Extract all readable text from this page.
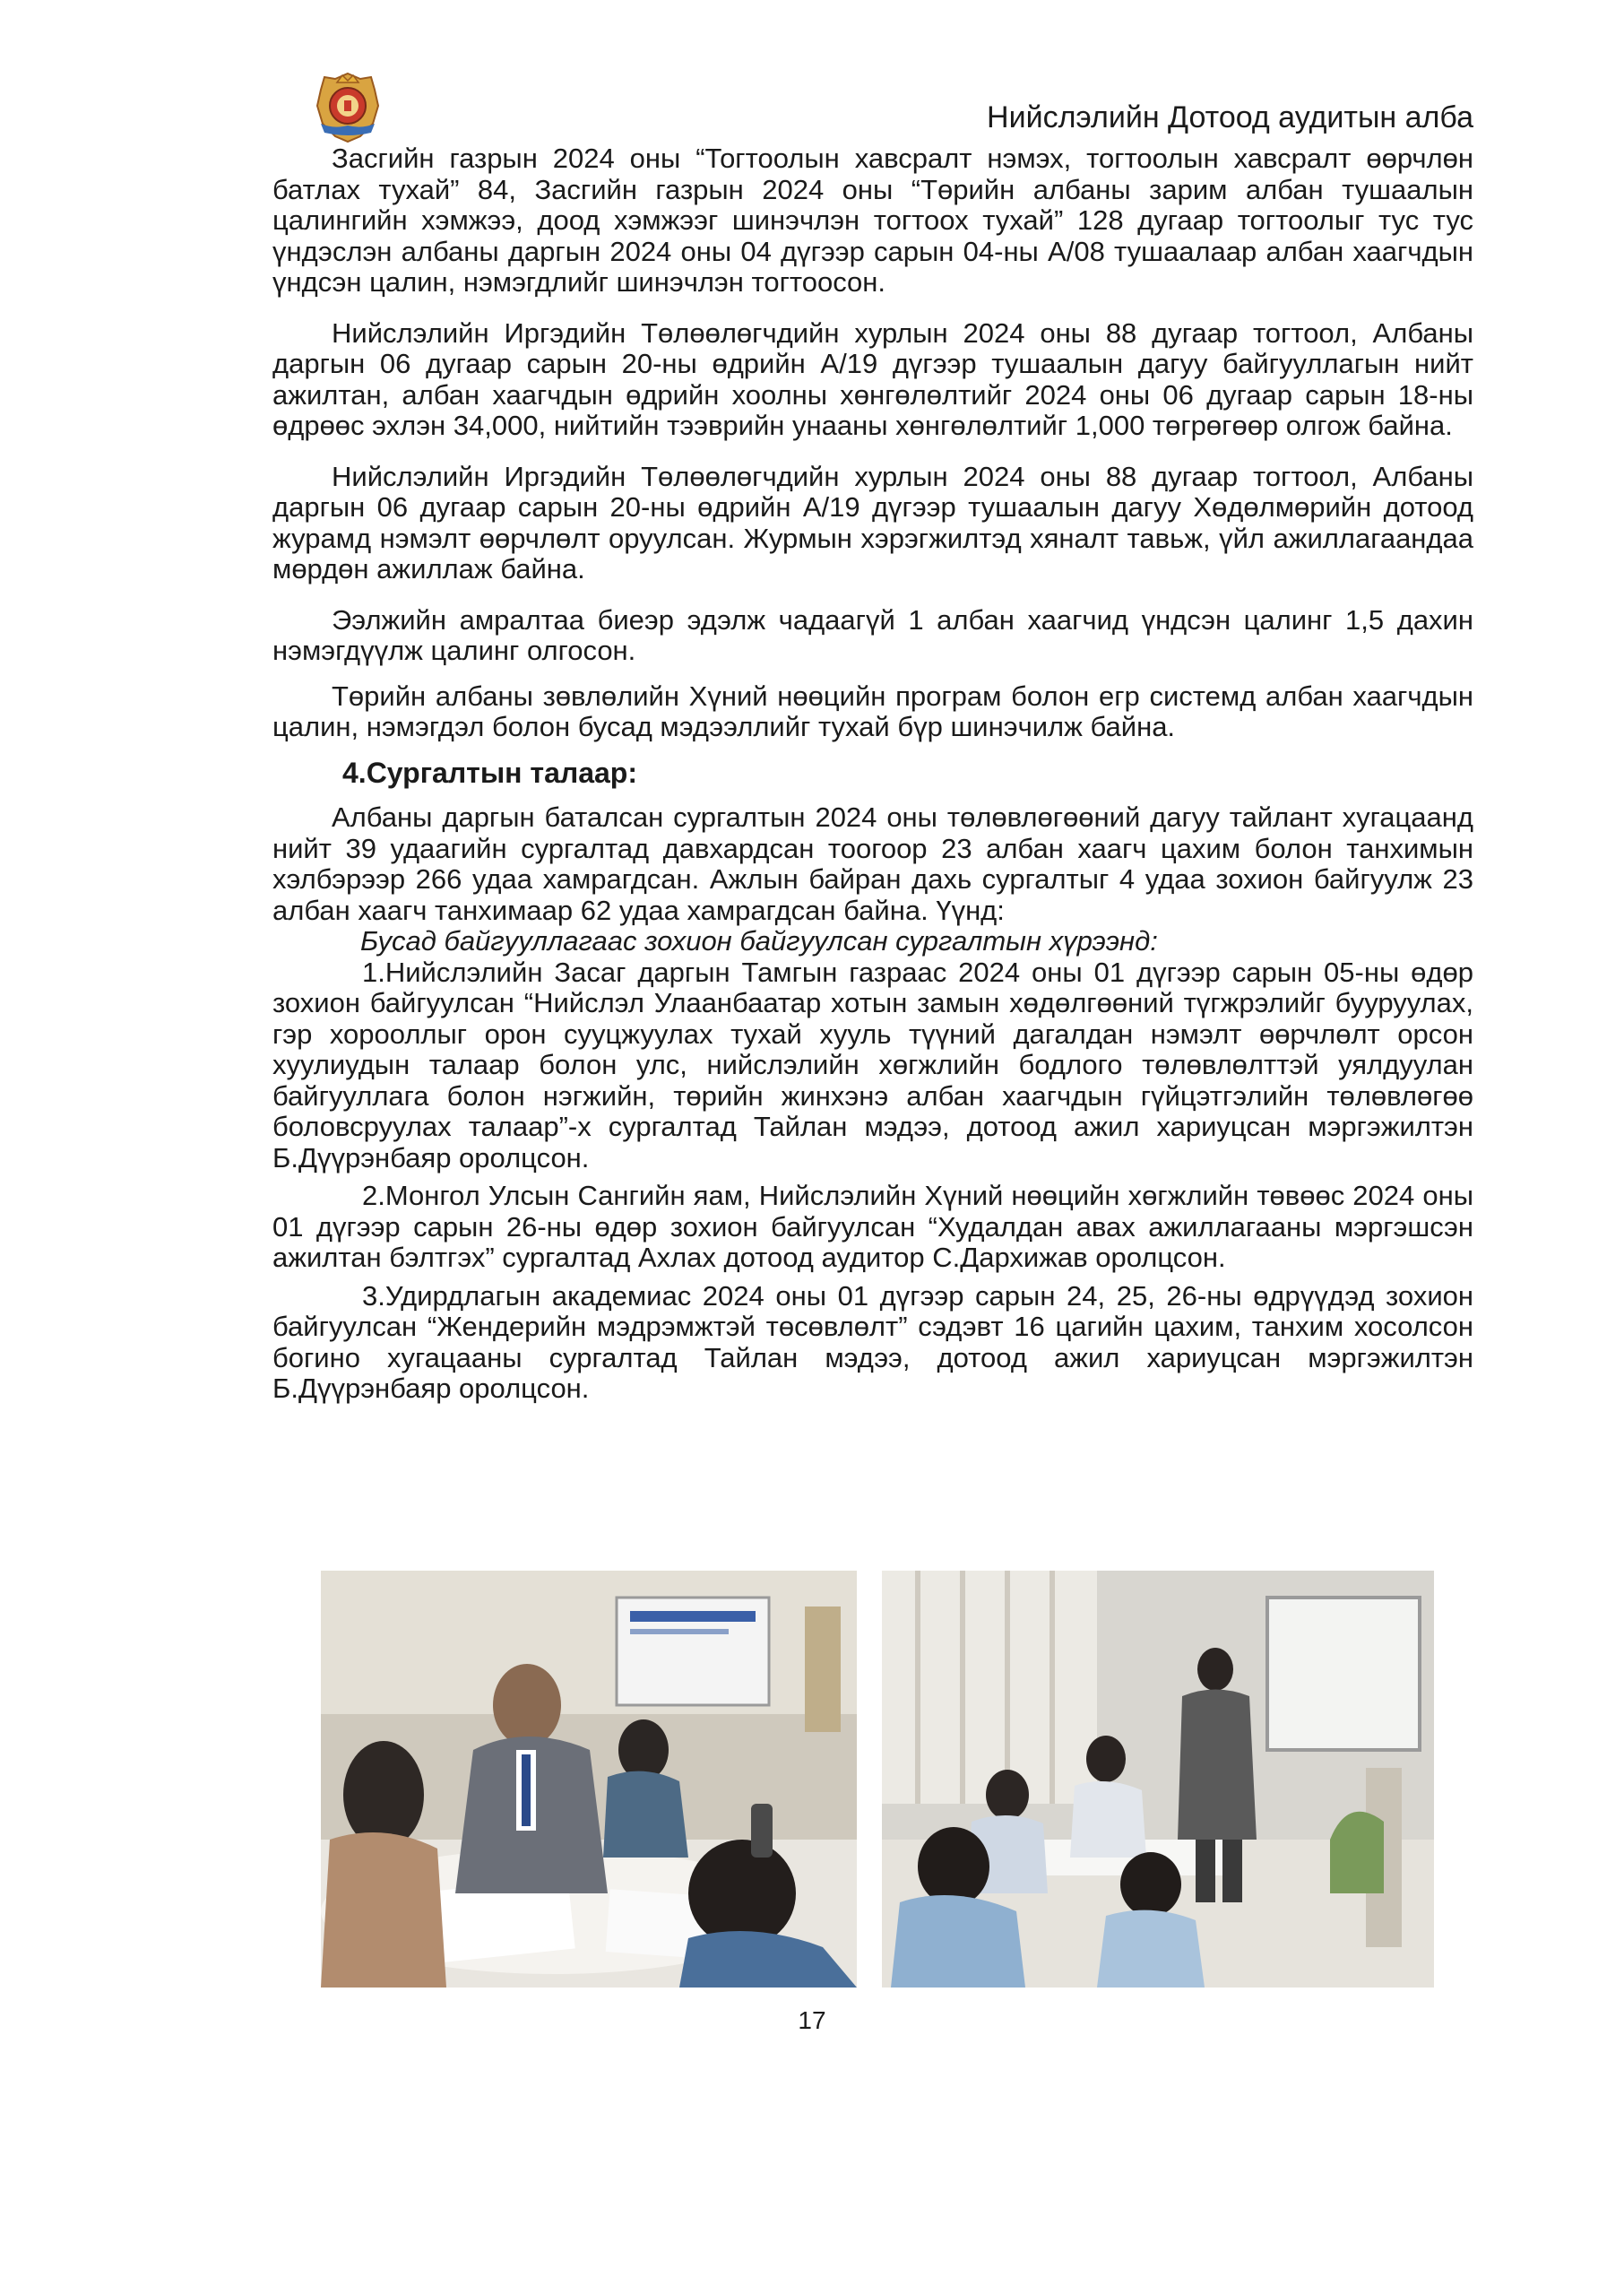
Нийслэлийн Дотоод аудитын алба

Засгийн газрын 2024 оны “Тогтоолын хавсралт нэмэх, тогтоолын хавсралт өөрчлөн батлах тухай” 84, Засгийн газрын 2024 оны “Төрийн албаны зарим албан тушаалын цалингийн хэмжээ, доод хэмжээг шинэчлэн тогтоох тухай” 128 дугаар тогтоолыг тус тус үндэслэн албаны даргын 2024 оны 04 дүгээр сарын 04-ны А/08 тушаалаар албан хаагчдын үндсэн цалин, нэмэгдлийг шинэчлэн тогтоосон.

Нийслэлийн Иргэдийн Төлөөлөгчдийн хурлын 2024 оны 88 дугаар тогтоол, Албаны даргын 06 дугаар сарын 20-ны өдрийн А/19 дүгээр тушаалын дагуу байгууллагын нийт ажилтан, албан хаагчдын өдрийн хоолны хөнгөлөлтийг 2024 оны 06 дугаар сарын 18-ны өдрөөс эхлэн 34,000, нийтийн тээврийн унааны хөнгөлөлтийг 1,000 төгрөгөөр олгож байна.

Нийслэлийн Иргэдийн Төлөөлөгчдийн хурлын 2024 оны 88 дугаар тогтоол, Албаны даргын 06 дугаар сарын 20-ны өдрийн А/19 дүгээр тушаалын дагуу Хөдөлмөрийн дотоод журамд нэмэлт өөрчлөлт оруулсан. Журмын хэрэгжилтэд хяналт тавьж, үйл ажиллагаандаа мөрдөн ажиллаж байна.

Ээлжийн амралтаа биеэр эдэлж чадаагүй 1 албан хаагчид үндсэн цалинг 1,5 дахин нэмэгдүүлж цалинг олгосон.

Төрийн албаны зөвлөлийн Хүний нөөцийн програм болон егр системд албан хаагчдын цалин, нэмэгдэл болон бусад мэдээллийг тухай бүр шинэчилж байна.

4.Сургалтын талаар:

Албаны даргын баталсан сургалтын 2024 оны төлөвлөгөөний дагуу тайлант хугацаанд нийт 39 удаагийн сургалтад давхардсан тоогоор 23 албан хаагч цахим болон танхимын хэлбэрээр 266 удаа хамрагдсан. Ажлын байран дахь сургалтыг 4 удаа зохион байгуулж 23 албан хаагч танхимаар 62 удаа хамрагдсан байна. Үүнд:

Бусад байгууллагаас зохион байгуулсан сургалтын хүрээнд:

1.Нийслэлийн Засаг даргын Тамгын газраас 2024 оны 01 дүгээр сарын 05-ны өдөр зохион байгуулсан “Нийслэл Улаанбаатар хотын замын хөдөлгөөний түгжрэлийг бууруулах, гэр хорооллыг орон сууцжуулах тухай хууль түүний дагалдан нэмэлт өөрчлөлт орсон хуулиудын талаар болон улс, нийслэлийн хөгжлийн бодлого төлөвлөлттэй уялдуулан байгууллага болон нэгжийн, төрийн жинхэнэ албан хаагчдын гүйцэтгэлийн төлөвлөгөө боловсруулах талаар”-х сургалтад Тайлан мэдээ, дотоод ажил хариуцсан мэргэжилтэн Б.Дүүрэнбаяр оролцсон.

2.Монгол Улсын Сангийн яам, Нийслэлийн Хүний нөөцийн хөгжлийн төвөөс 2024 оны 01 дүгээр сарын 26-ны өдөр зохион байгуулсан “Худалдан авах ажиллагааны мэргэшсэн ажилтан бэлтгэх” сургалтад Ахлах дотоод аудитор С.Дархижав оролцсон.

3.Удирдлагын академиас 2024 оны 01 дүгээр сарын 24, 25, 26-ны өдрүүдэд зохион байгуулсан “Жендерийн мэдрэмжтэй төсөвлөлт” сэдэвт 16 цагийн цахим, танхим хосолсон богино хугацааны сургалтад Тайлан мэдээ, дотоод ажил хариуцсан мэргэжилтэн Б.Дүүрэнбаяр оролцсон.

17
